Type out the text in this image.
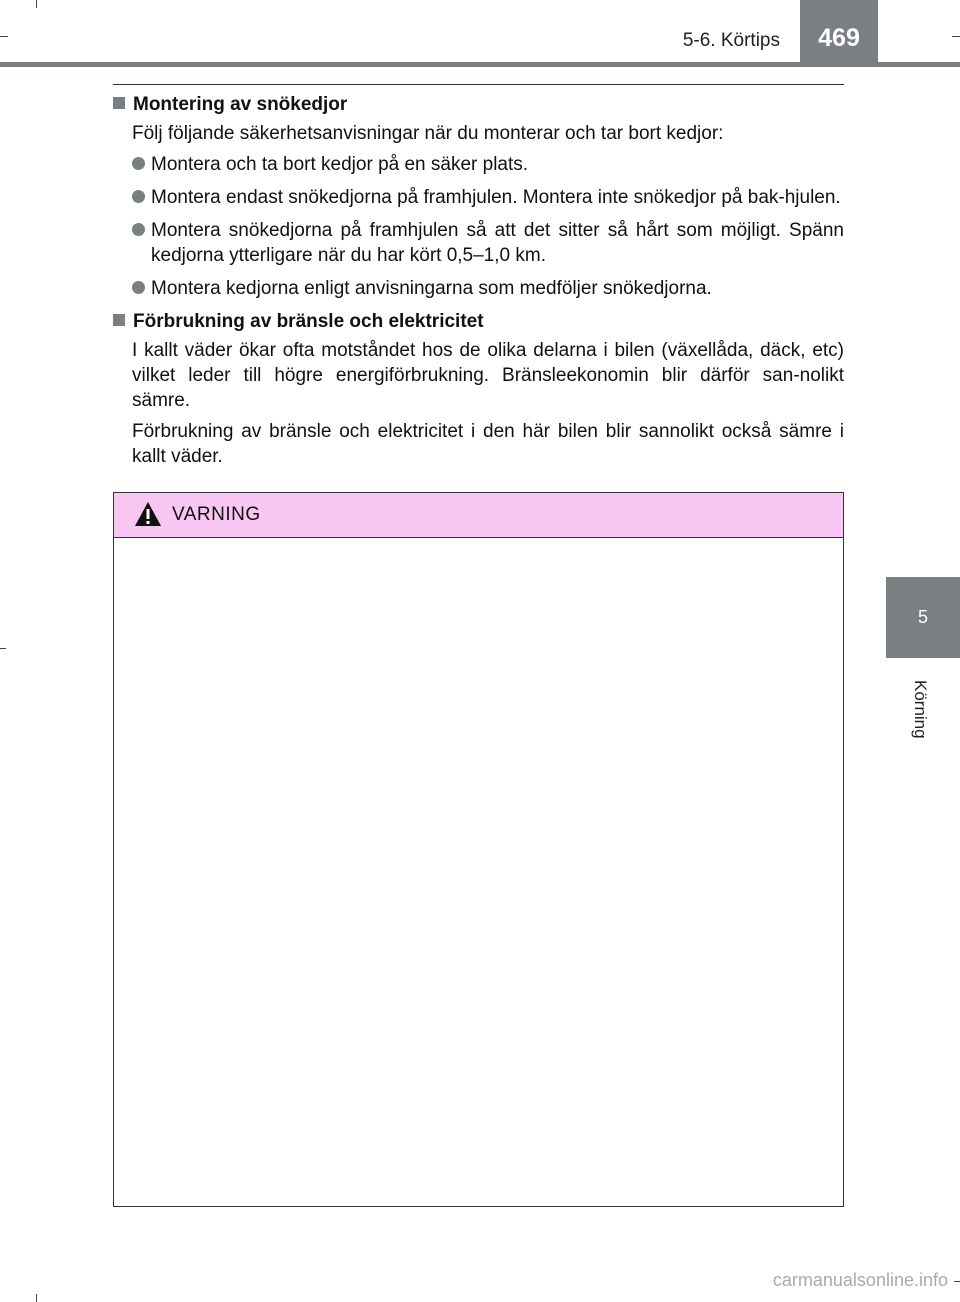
469
5-6. Körtips
5
Körning
Montering av snökedjor
Följ följande säkerhetsanvisningar när du monterar och tar bort kedjor:
Montera och ta bort kedjor på en säker plats.
Montera endast snökedjorna på framhjulen. Montera inte snökedjor på bak-hjulen.
Montera snökedjorna på framhjulen så att det sitter så hårt som möjligt. Spänn kedjorna ytterligare när du har kört 0,5–1,0 km.
Montera kedjorna enligt anvisningarna som medföljer snökedjorna.
Förbrukning av bränsle och elektricitet
I kallt väder ökar ofta motståndet hos de olika delarna i bilen (växellåda, däck, etc) vilket leder till högre energiförbrukning. Bränsleekonomin blir därför san-nolikt sämre.
Förbrukning av bränsle och elektricitet i den här bilen blir sannolikt också sämre i kallt väder.
VARNING
carmanualsonline.info
